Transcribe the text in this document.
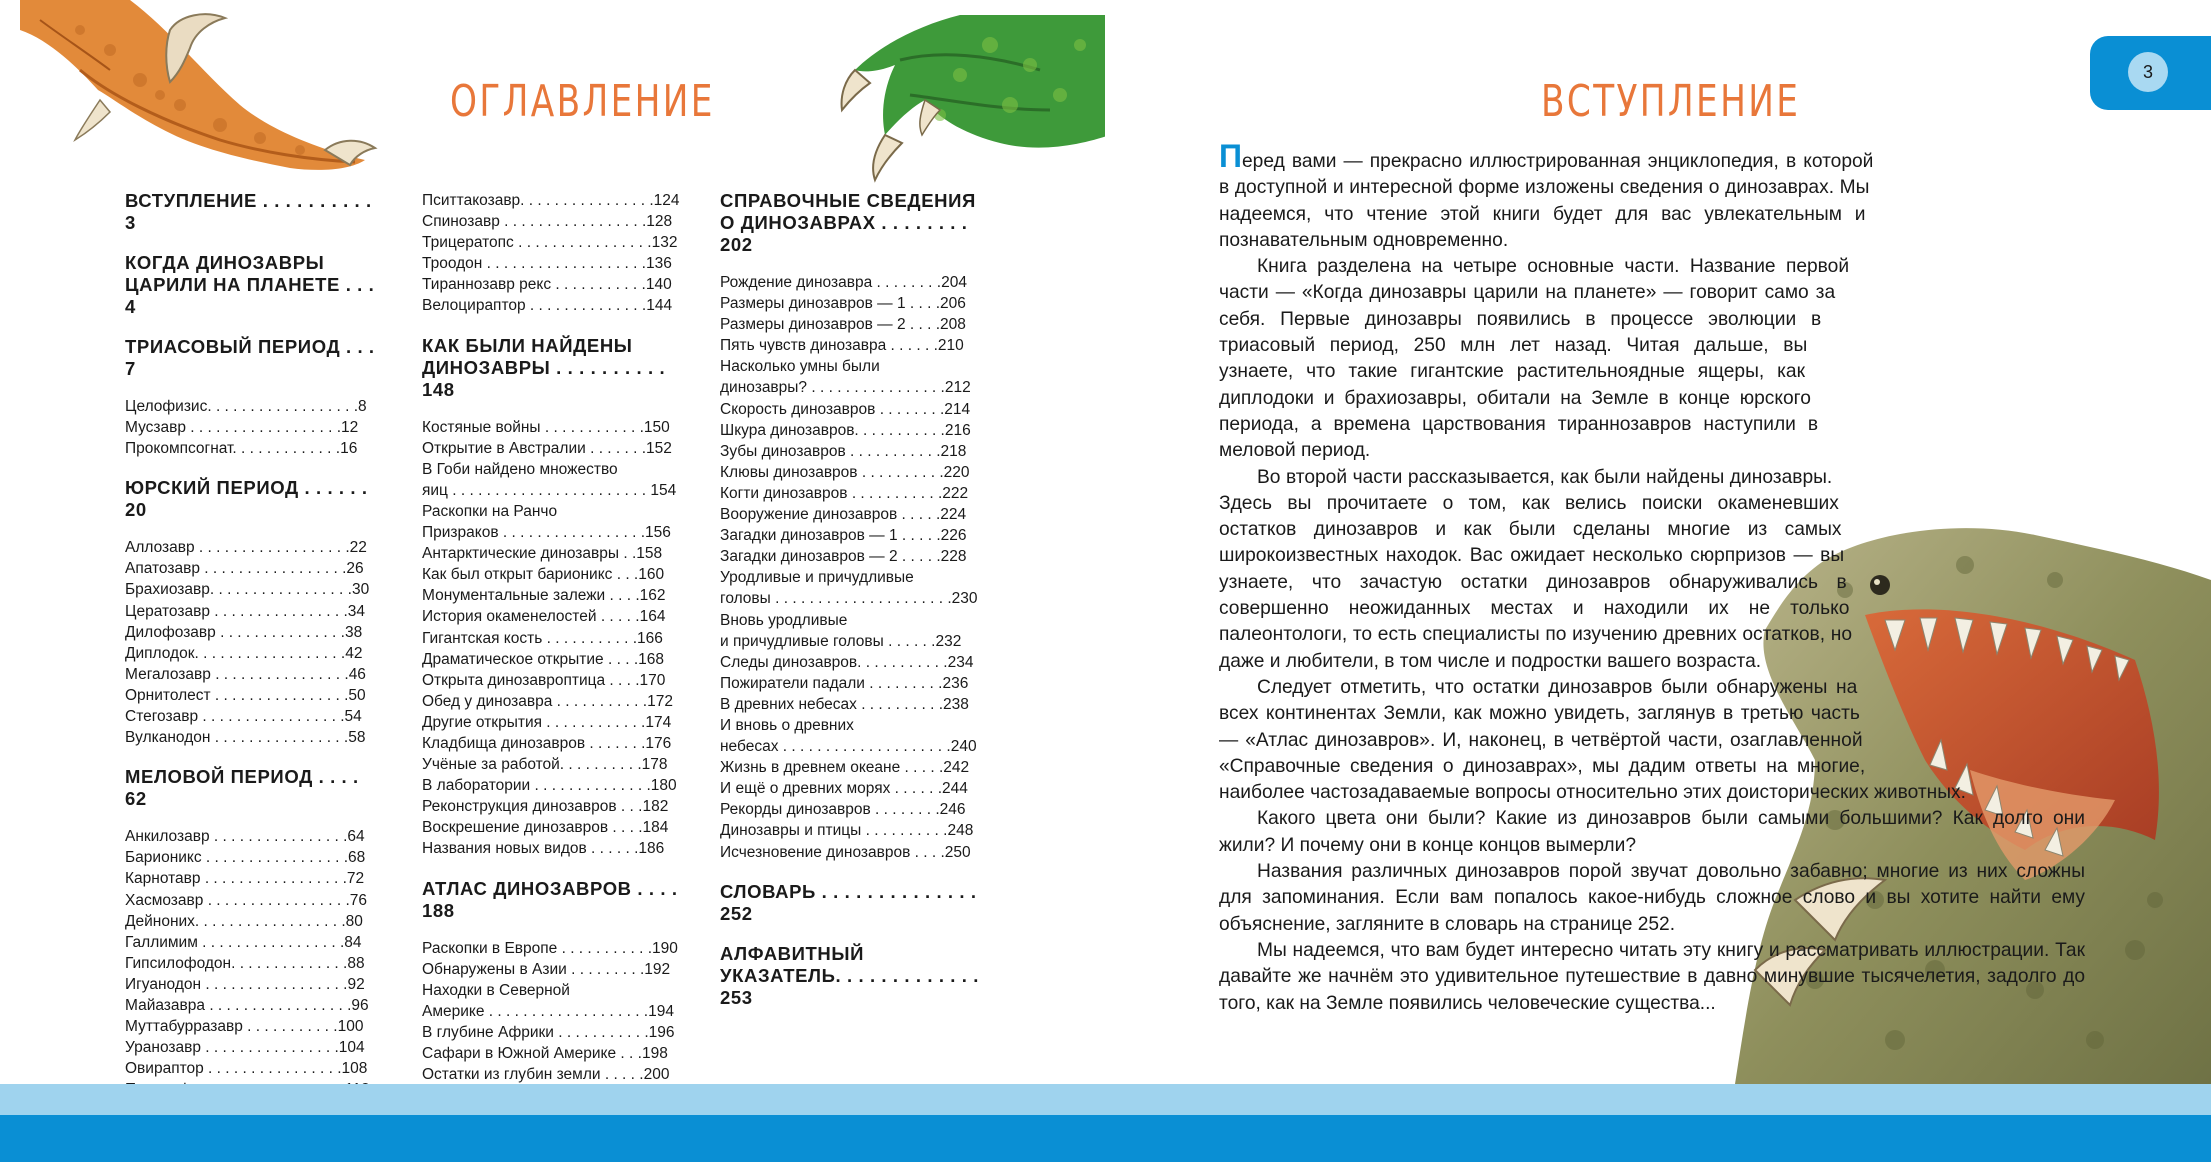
ОГЛАВЛЕНИЕ
ВСТУПЛЕНИЕ . . . . . . . . . . 3
КОГДА ДИНОЗАВРЫ
ЦАРИЛИ НА ПЛАНЕТЕ . . . 4
ТРИАСОВЫЙ ПЕРИОД . . . 7
Целофизис. . . . . . . . . . . . . . . . . .8
Мусзавр . . . . . . . . . . . . . . . . . .12
Прокомпсогнат. . . . . . . . . . . . .16
ЮРСКИЙ ПЕРИОД . . . . . . 20
Аллозавр . . . . . . . . . . . . . . . . . .22
Апатозавр . . . . . . . . . . . . . . . . .26
Брахиозавр. . . . . . . . . . . . . . . . .30
Цератозавр . . . . . . . . . . . . . . . .34
Дилофозавр . . . . . . . . . . . . . . .38
Диплодок. . . . . . . . . . . . . . . . . .42
Мегалозавр . . . . . . . . . . . . . . . .46
Орнитолест . . . . . . . . . . . . . . . .50
Стегозавр . . . . . . . . . . . . . . . . .54
Вулканодон . . . . . . . . . . . . . . . .58
МЕЛОВОЙ ПЕРИОД . . . . 62
Анкилозавр . . . . . . . . . . . . . . . .64
Барионикс . . . . . . . . . . . . . . . . .68
Карнотавр . . . . . . . . . . . . . . . . .72
Хасмозавр . . . . . . . . . . . . . . . . .76
Дейноних. . . . . . . . . . . . . . . . . .80
Галлимим . . . . . . . . . . . . . . . . .84
Гипсилофодон. . . . . . . . . . . . . .88
Игуанодон . . . . . . . . . . . . . . . . .92
Майазавра . . . . . . . . . . . . . . . . .96
Муттабурразавр . . . . . . . . . . .100
Уранозавр . . . . . . . . . . . . . . . .104
Овираптор . . . . . . . . . . . . . . . .108
Пситтакозавр. . . . . . . . . . . . . . . .124
Спинозавр . . . . . . . . . . . . . . . . .128
Трицератопс . . . . . . . . . . . . . . . .132
Троодон . . . . . . . . . . . . . . . . . . .136
Тираннозавр рекс . . . . . . . . . . .140
Велоцираптор . . . . . . . . . . . . . .144
КАК БЫЛИ НАЙДЕНЫ
ДИНОЗАВРЫ . . . . . . . . . . 148
Костяные войны . . . . . . . . . . . .150
Открытие в Австралии . . . . . . .152
В Гоби найдено множество
яиц . . . . . . . . . . . . . . . . . . . . . . . 154
Раскопки на Ранчо
Призраков . . . . . . . . . . . . . . . . .156
Антарктические динозавры . .158
Как был открыт барионикс . . .160
Монументальные залежи . . . .162
История окаменелостей . . . . .164
Гигантская кость . . . . . . . . . . .166
Драматическое открытие . . . .168
Открыта динозавроптица . . . .170
Обед у динозавра . . . . . . . . . . .172
Другие открытия . . . . . . . . . . . .174
Кладбища динозавров . . . . . . .176
Учёные за работой. . . . . . . . . .178
В лаборатории . . . . . . . . . . . . . .180
Реконструкция динозавров . . .182
Воскрешение динозавров . . . .184
Названия новых видов . . . . . .186
АТЛАС ДИНОЗАВРОВ . . . . 188
Раскопки в Европе . . . . . . . . . . .190
Обнаружены в Азии . . . . . . . . .192
Находки в Северной
Америке . . . . . . . . . . . . . . . . . . .194
В глубине Африки . . . . . . . . . . .196
Сафари в Южной Америке . . .198
Остатки из глубин земли . . . . .200
СПРАВОЧНЫЕ СВЕДЕНИЯ
О ДИНОЗАВРАХ . . . . . . . . 202
Рождение динозавра . . . . . . . .204
Размеры динозавров — 1 . . . .206
Размеры динозавров — 2 . . . .208
Пять чувств динозавра . . . . . .210
Насколько умны были
динозавры? . . . . . . . . . . . . . . . .212
Скорость динозавров . . . . . . . .214
Шкура динозавров. . . . . . . . . . .216
Зубы динозавров . . . . . . . . . . .218
Клювы динозавров . . . . . . . . . .220
Когти динозавров . . . . . . . . . . .222
Вооружение динозавров . . . . .224
Загадки динозавров — 1 . . . . .226
Загадки динозавров — 2 . . . . .228
Уродливые и причудливые
головы . . . . . . . . . . . . . . . . . . . . .230
Вновь уродливые
и причудливые головы . . . . . .232
Следы динозавров. . . . . . . . . . .234
Пожиратели падали . . . . . . . . .236
В древних небесах . . . . . . . . . .238
И вновь о древних
небесах . . . . . . . . . . . . . . . . . . . .240
Жизнь в древнем океане . . . . .242
И ещё о древних морях . . . . . .244
Рекорды динозавров . . . . . . . .246
Динозавры и птицы . . . . . . . . . .248
Исчезновение динозавров . . . .250
СЛОВАРЬ . . . . . . . . . . . . . . 252
АЛФАВИТНЫЙ
УКАЗАТЕЛЬ. . . . . . . . . . . . . 253
ВСТУПЛЕНИЕ
3

Перед вами — прекрасно иллюстрированная энциклопедия, в которой в доступной и интересной форме изложены сведения о динозаврах. Мы надеемся, что чтение этой книги будет для вас увлекательным и познавательным одновременно.

Книга разделена на четыре основные части. Название первой части — «Когда динозавры царили на планете» — говорит само за себя. Первые динозавры появились в процессе эволюции в триасовый период, 250 млн лет назад. Читая дальше, вы узнаете, что такие гигантские растительноядные ящеры, как диплодоки и брахиозавры, обитали на Земле в конце юрского периода, а времена царствования тираннозавров наступили в меловой период.

Во второй части рассказывается, как были найдены динозавры. Здесь вы прочитаете о том, как велись поиски окаменевших остатков динозавров и как были сделаны многие из самых широкоизвестных находок. Вас ожидает несколько сюрпризов — вы узнаете, что зачастую остатки динозавров обнаруживались в совершенно неожиданных местах и находили их не только палеонтологи, то есть специалисты по изучению древних остатков, но даже и любители, в том числе и подростки вашего возраста.

Следует отметить, что остатки динозавров были обнаружены на всех континентах Земли, как можно увидеть, заглянув в третью часть — «Атлас динозавров». И, наконец, в четвёртой части, озаглавленной «Справочные сведения о динозаврах», мы дадим ответы на многие, наиболее частозадаваемые вопросы относительно этих доисторических животных.

Какого цвета они были? Какие из динозавров были самыми большими? Как долго они жили? И почему они в конце концов вымерли?

Названия различных динозавров порой звучат довольно забавно; многие из них сложны для запоминания. Если вам попалось какое-нибудь сложное слово и вы хотите найти ему объяснение, загляните в словарь на странице 252.

Мы надеемся, что вам будет интересно читать эту книгу и рассматривать иллюстрации. Так давайте же начнём это удивительное путешествие в давно минувшие тысячелетия, задолго до того, как на Земле появились человеческие существа...
